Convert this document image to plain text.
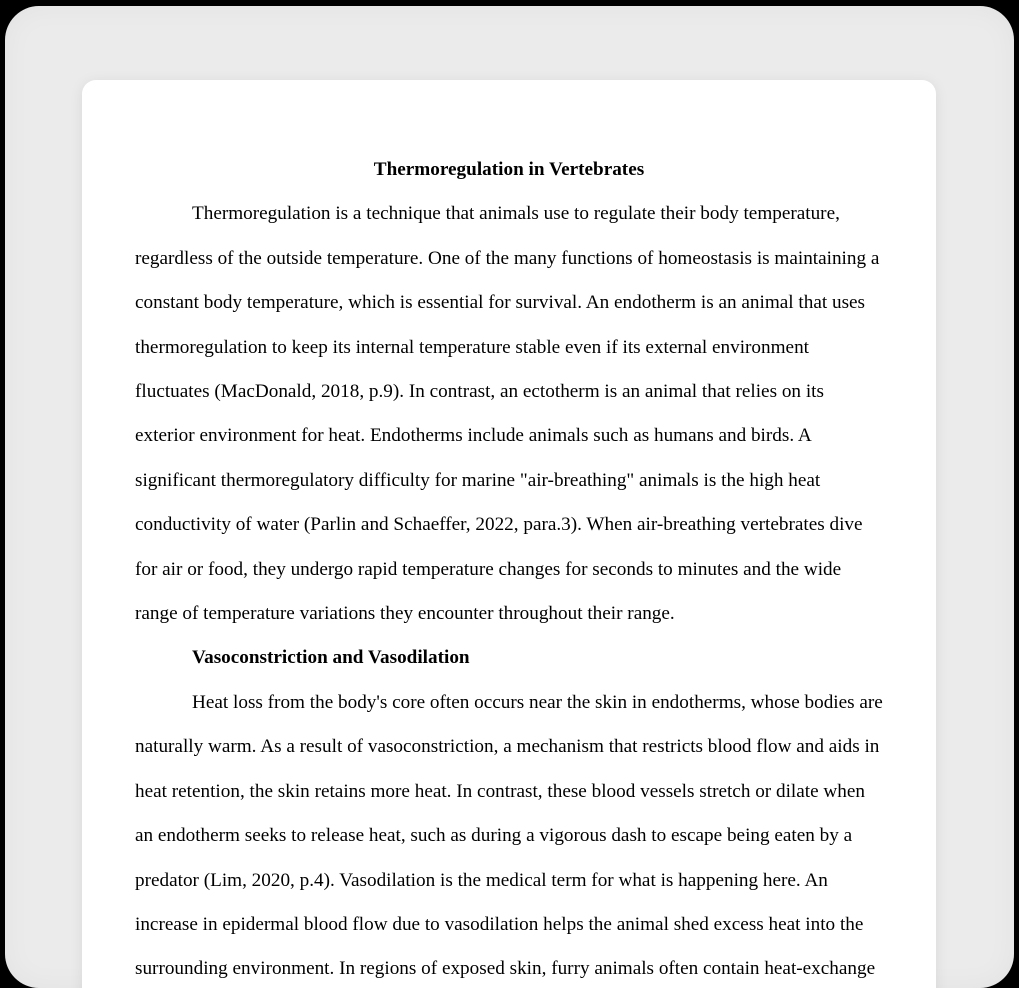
Thermoregulation in Vertebrates

Thermoregulation is a technique that animals use to regulate their body temperature, regardless of the outside temperature. One of the many functions of homeostasis is maintaining a constant body temperature, which is essential for survival. An endotherm is an animal that uses thermoregulation to keep its internal temperature stable even if its external environment fluctuates (MacDonald, 2018, p.9). In contrast, an ectotherm is an animal that relies on its exterior environment for heat. Endotherms include animals such as humans and birds. A significant thermoregulatory difficulty for marine "air-breathing" animals is the high heat conductivity of water (Parlin and Schaeffer, 2022, para.3). When air-breathing vertebrates dive for air or food, they undergo rapid temperature changes for seconds to minutes and the wide range of temperature variations they encounter throughout their range.

Vasoconstriction and Vasodilation

Heat loss from the body's core often occurs near the skin in endotherms, whose bodies are naturally warm. As a result of vasoconstriction, a mechanism that restricts blood flow and aids in heat retention, the skin retains more heat. In contrast, these blood vessels stretch or dilate when an endotherm seeks to release heat, such as during a vigorous dash to escape being eaten by a predator (Lim, 2020, p.4). Vasodilation is the medical term for what is happening here. An increase in epidermal blood flow due to vasodilation helps the animal shed excess heat into the surrounding environment. In regions of exposed skin, furry animals often contain heat-exchange
